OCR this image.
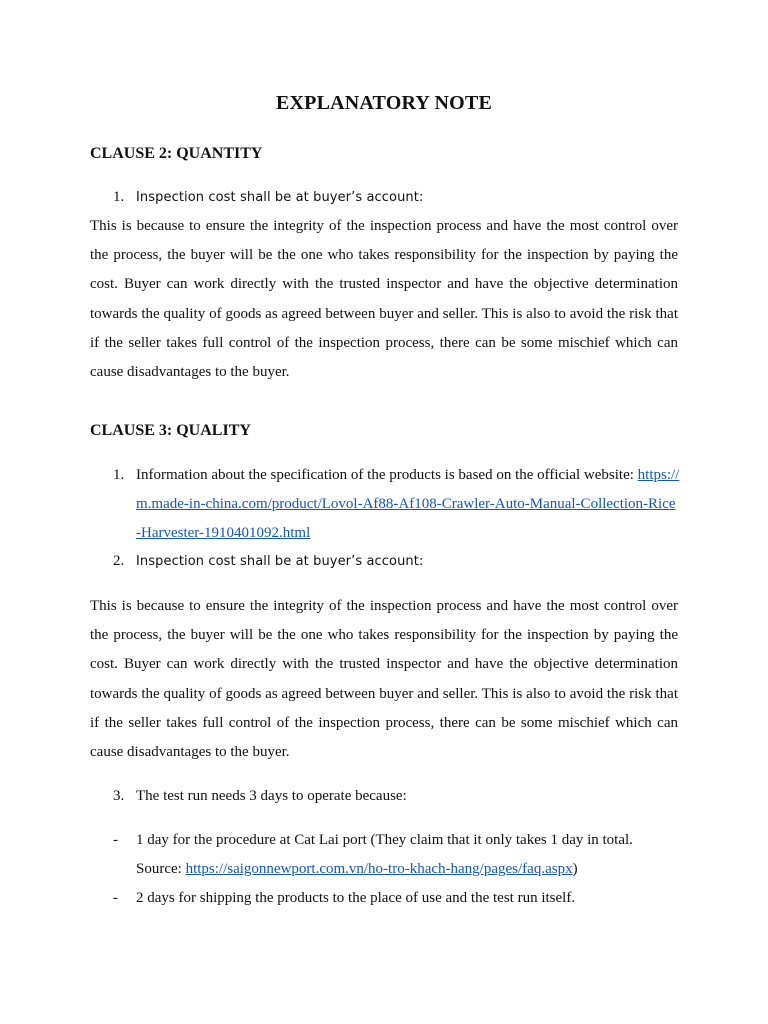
EXPLANATORY NOTE
CLAUSE 2: QUANTITY
1. Inspection cost shall be at buyer’s account:
This is because to ensure the integrity of the inspection process and have the most control over the process, the buyer will be the one who takes responsibility for the inspection by paying the cost. Buyer can work directly with the trusted inspector and have the objective determination towards the quality of goods as agreed between buyer and seller. This is also to avoid the risk that if the seller takes full control of the inspection process, there can be some mischief which can cause disadvantages to the buyer.
CLAUSE 3: QUALITY
1. Information about the specification of the products is based on the official website: https://m.made-in-china.com/product/Lovol-Af88-Af108-Crawler-Auto-Manual-Collection-Rice-Harvester-1910401092.html
2. Inspection cost shall be at buyer’s account:
This is because to ensure the integrity of the inspection process and have the most control over the process, the buyer will be the one who takes responsibility for the inspection by paying the cost. Buyer can work directly with the trusted inspector and have the objective determination towards the quality of goods as agreed between buyer and seller. This is also to avoid the risk that if the seller takes full control of the inspection process, there can be some mischief which can cause disadvantages to the buyer.
3. The test run needs 3 days to operate because:
- 1 day for the procedure at Cat Lai port (They claim that it only takes 1 day in total. Source: https://saigonnewport.com.vn/ho-tro-khach-hang/pages/faq.aspx)
- 2 days for shipping the products to the place of use and the test run itself.
